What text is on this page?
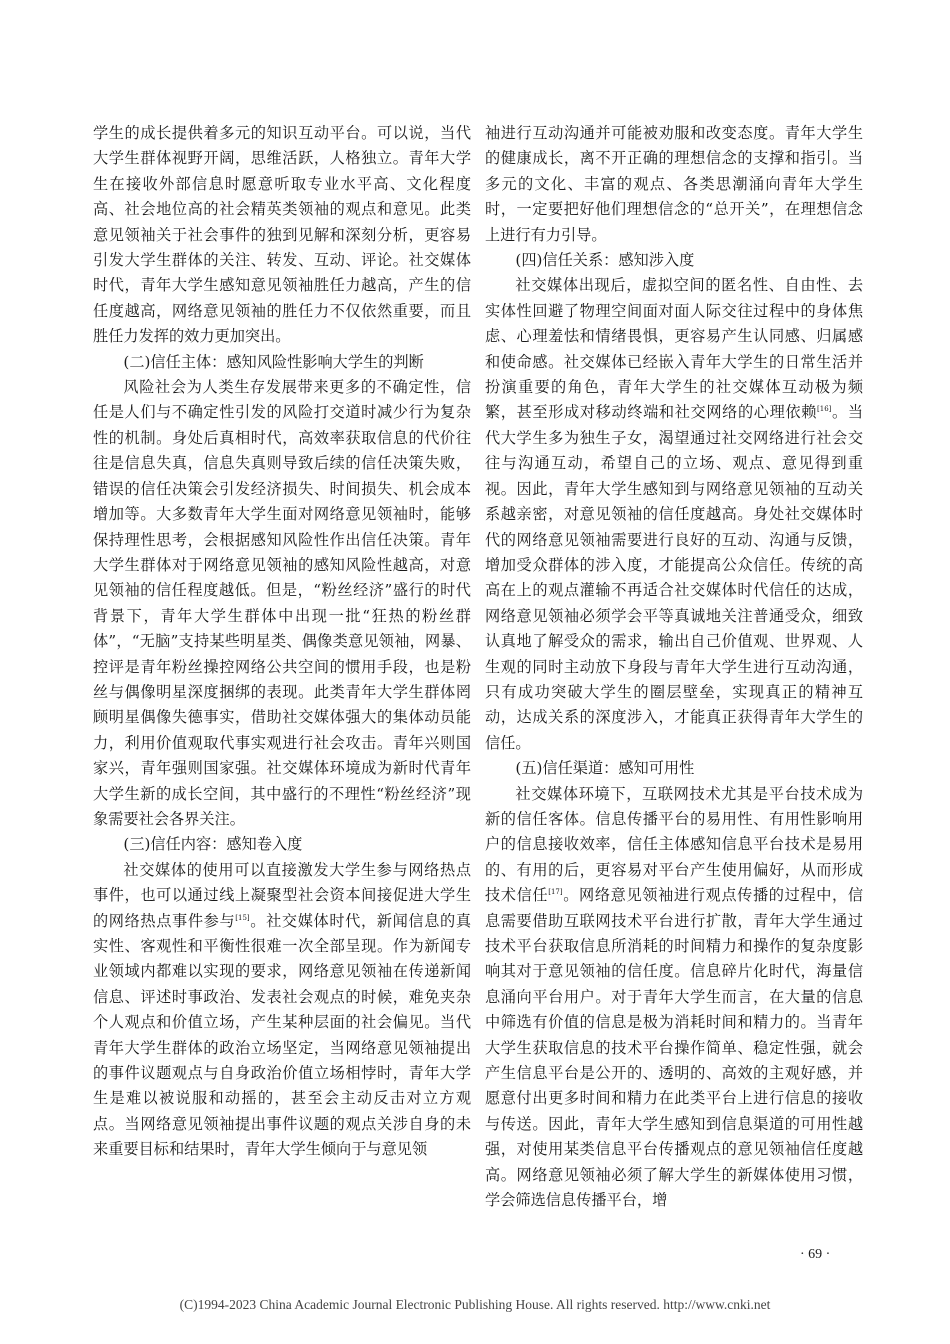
学生的成长提供着多元的知识互动平台。可以说，当代大学生群体视野开阔，思维活跃，人格独立。青年大学生在接收外部信息时愿意听取专业水平高、文化程度高、社会地位高的社会精英类领袖的观点和意见。此类意见领袖关于社会事件的独到见解和深刻分析，更容易引发大学生群体的关注、转发、互动、评论。社交媒体时代，青年大学生感知意见领袖胜任力越高，产生的信任度越高，网络意见领袖的胜任力不仅依然重要，而且胜任力发挥的效力更加突出。

(二)信任主体：感知风险性影响大学生的判断

风险社会为人类生存发展带来更多的不确定性，信任是人们与不确定性引发的风险打交道时减少行为复杂性的机制。身处后真相时代，高效率获取信息的代价往往是信息失真，信息失真则导致后续的信任决策失败，错误的信任决策会引发经济损失、时间损失、机会成本增加等。大多数青年大学生面对网络意见领袖时，能够保持理性思考，会根据感知风险性作出信任决策。青年大学生群体对于网络意见领袖的感知风险性越高，对意见领袖的信任程度越低。但是，“粉丝经济”盛行的时代背景下，青年大学生群体中出现一批“狂热的粉丝群体”，“无脑”支持某些明星类、偶像类意见领袖，网暴、控评是青年粉丝操控网络公共空间的惯用手段，也是粉丝与偶像明星深度捆绑的表现。此类青年大学生群体罔顾明星偶像失德事实，借助社交媒体强大的集体动员能力，利用价值观取代事实观进行社会攻击。青年兴则国家兴，青年强则国家强。社交媒体环境成为新时代青年大学生新的成长空间，其中盛行的不理性“粉丝经济”现象需要社会各界关注。

(三)信任内容：感知卷入度

社交媒体的使用可以直接激发大学生参与网络热点事件，也可以通过线上凝聚型社会资本间接促进大学生的网络热点事件参与[15]。社交媒体时代，新闻信息的真实性、客观性和平衡性很难一次全部呈现。作为新闻专业领域内都难以实现的要求，网络意见领袖在传递新闻信息、评述时事政治、发表社会观点的时候，难免夹杂个人观点和价值立场，产生某种层面的社会偏见。当代青年大学生群体的政治立场坚定，当网络意见领袖提出的事件议题观点与自身政治价值立场相悖时，青年大学生是难以被说服和动摇的，甚至会主动反击对立方观点。当网络意见领袖提出事件议题的观点关涉自身的未来重要目标和结果时，青年大学生倾向于与意见领

袖进行互动沟通并可能被劝服和改变态度。青年大学生的健康成长，离不开正确的理想信念的支撑和指引。当多元的文化、丰富的观点、各类思潮涌向青年大学生时，一定要把好他们理想信念的“总开关”，在理想信念上进行有力引导。

(四)信任关系：感知涉入度

社交媒体出现后，虚拟空间的匿名性、自由性、去实体性回避了物理空间面对面人际交往过程中的身体焦虑、心理羞怯和情绪畏惧，更容易产生认同感、归属感和使命感。社交媒体已经嵌入青年大学生的日常生活并扮演重要的角色，青年大学生的社交媒体互动极为频繁，甚至形成对移动终端和社交网络的心理依赖[16]。当代大学生多为独生子女，渴望通过社交网络进行社会交往与沟通互动，希望自己的立场、观点、意见得到重视。因此，青年大学生感知到与网络意见领袖的互动关系越亲密，对意见领袖的信任度越高。身处社交媒体时代的网络意见领袖需要进行良好的互动、沟通与反馈，增加受众群体的涉入度，才能提高公众信任。传统的高高在上的观点灌输不再适合社交媒体时代信任的达成，网络意见领袖必须学会平等真诚地关注普通受众，细致认真地了解受众的需求，输出自己价值观、世界观、人生观的同时主动放下身段与青年大学生进行互动沟通，只有成功突破大学生的圈层壁垒，实现真正的精神互动，达成关系的深度涉入，才能真正获得青年大学生的信任。

(五)信任渠道：感知可用性

社交媒体环境下，互联网技术尤其是平台技术成为新的信任客体。信息传播平台的易用性、有用性影响用户的信息接收效率，信任主体感知信息平台技术是易用的、有用的后，更容易对平台产生使用偏好，从而形成技术信任[17]。网络意见领袖进行观点传播的过程中，信息需要借助互联网技术平台进行扩散，青年大学生通过技术平台获取信息所消耗的时间精力和操作的复杂度影响其对于意见领袖的信任度。信息碎片化时代，海量信息涌向平台用户。对于青年大学生而言，在大量的信息中筛选有价值的信息是极为消耗时间和精力的。当青年大学生获取信息的技术平台操作简单、稳定性强，就会产生信息平台是公开的、透明的、高效的主观好感，并愿意付出更多时间和精力在此类平台上进行信息的接收与传送。因此，青年大学生感知到信息渠道的可用性越强，对使用某类信息平台传播观点的意见领袖信任度越高。网络意见领袖必须了解大学生的新媒体使用习惯，学会筛选信息传播平台，增

· 69 ·
(C)1994-2023 China Academic Journal Electronic Publishing House. All rights reserved. http://www.cnki.net
